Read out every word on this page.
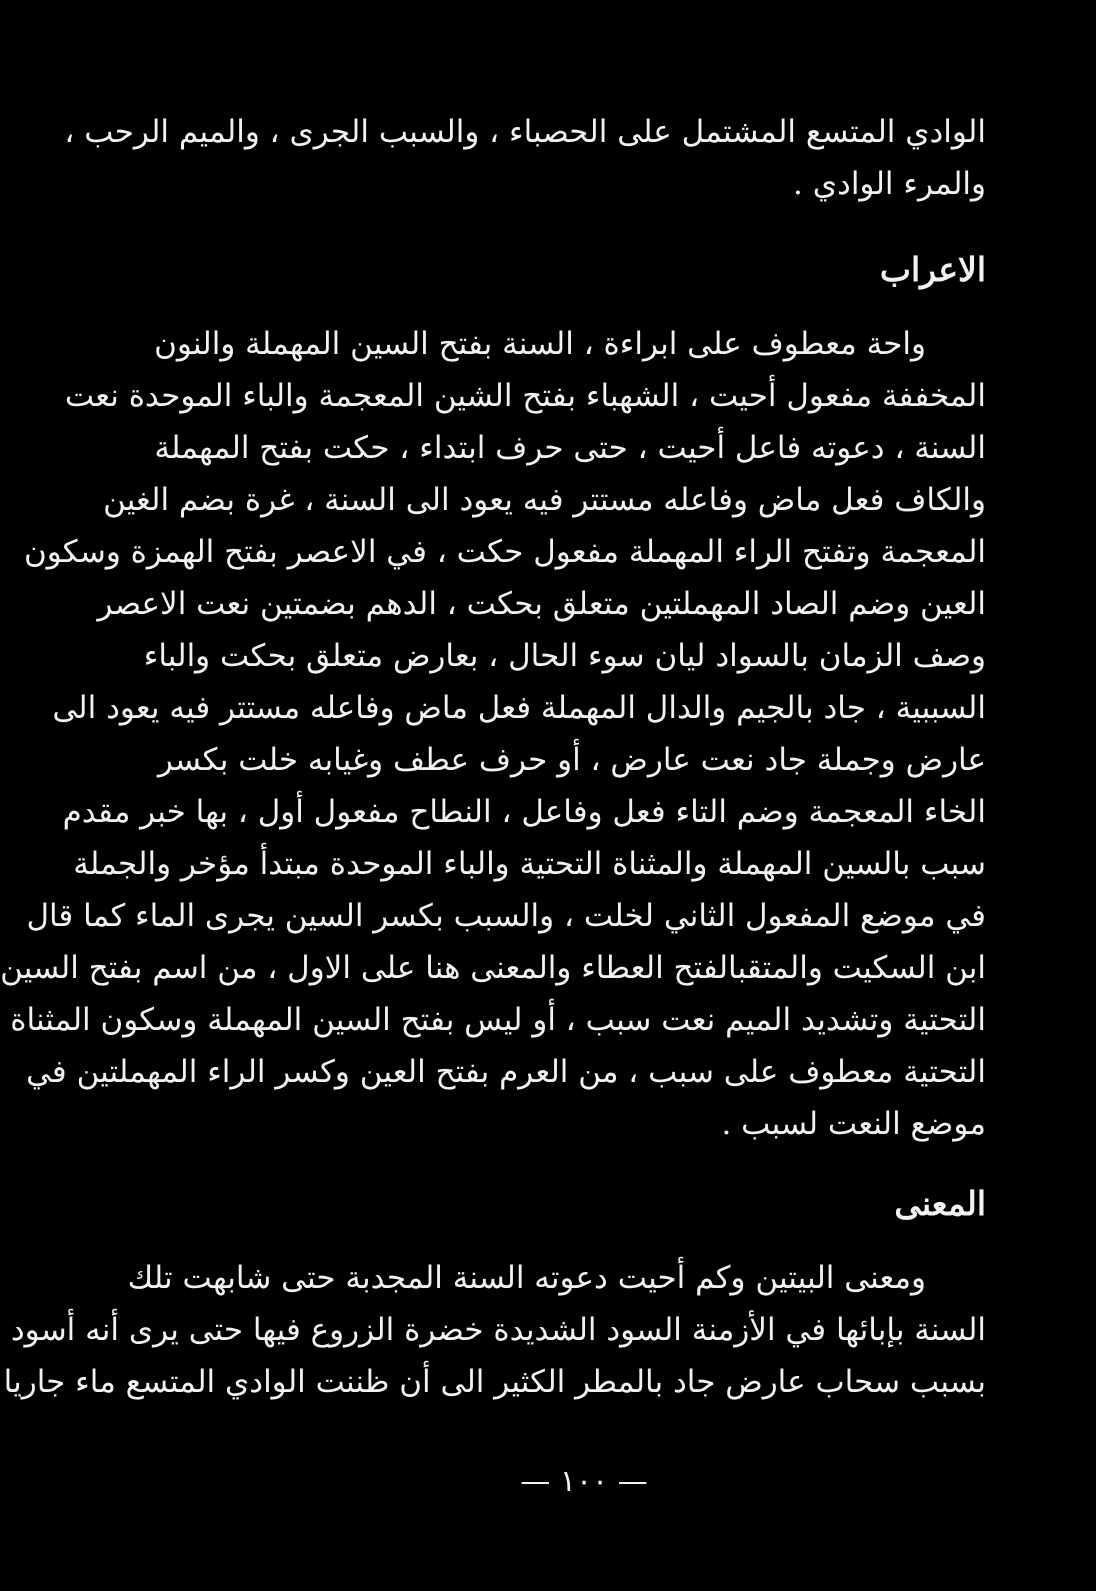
الوادي المتسع المشتمل على الحصباء ، والسبب الجرى ، والميم الرحب ،
والمرء الوادي .
الاعراب
واحة معطوف على ابراءة ، السنة بفتح السين المهملة والنون
المخففة مفعول أحيت ، الشهباء بفتح الشين المعجمة والباء الموحدة نعت
السنة ، دعوته فاعل أحيت ، حتى حرف ابتداء ، حكت بفتح المهملة
والكاف فعل ماض وفاعله مستتر فيه يعود الى السنة ، غرة بضم الغين
المعجمة وتفتح الراء المهملة مفعول حكت ، في الاعصر بفتح الهمزة وسكون
العين وضم الصاد المهملتين متعلق بحكت ، الدهم بضمتين نعت الاعصر
وصف الزمان بالسواد ليان سوء الحال ، بعارض متعلق بحكت والباء
السببية ، جاد بالجيم والدال المهملة فعل ماض وفاعله مستتر فيه يعود الى
عارض وجملة جاد نعت عارض ، أو حرف عطف وغيابه خلت بكسر
الخاء المعجمة وضم التاء فعل وفاعل ، النطاح مفعول أول ، بها خبر مقدم
سبب بالسين المهملة والمثناة التحتية والباء الموحدة مبتدأ مؤخر والجملة
في موضع المفعول الثاني لخلت ، والسبب بكسر السين يجرى الماء كما قال
ابن السكيت والمتقبالفتح العطاء والمعنى هنا على الاول ، من اسم بفتح السين
التحتية وتشديد الميم نعت سبب ، أو ليس بفتح السين المهملة وسكون المثناة
التحتية معطوف على سبب ، من العرم بفتح العين وكسر الراء المهملتين في
موضع النعت لسبب .
المعنى
ومعنى البيتين وكم أحيت دعوته السنة المجدبة حتى شابهت تلك
السنة بإبائها في الأزمنة السود الشديدة خضرة الزروع فيها حتى يرى أنه أسود
بسبب سحاب عارض جاد بالمطر الكثير الى أن ظننت الوادي المتسع ماء جاريا
— ١٠٠ —
